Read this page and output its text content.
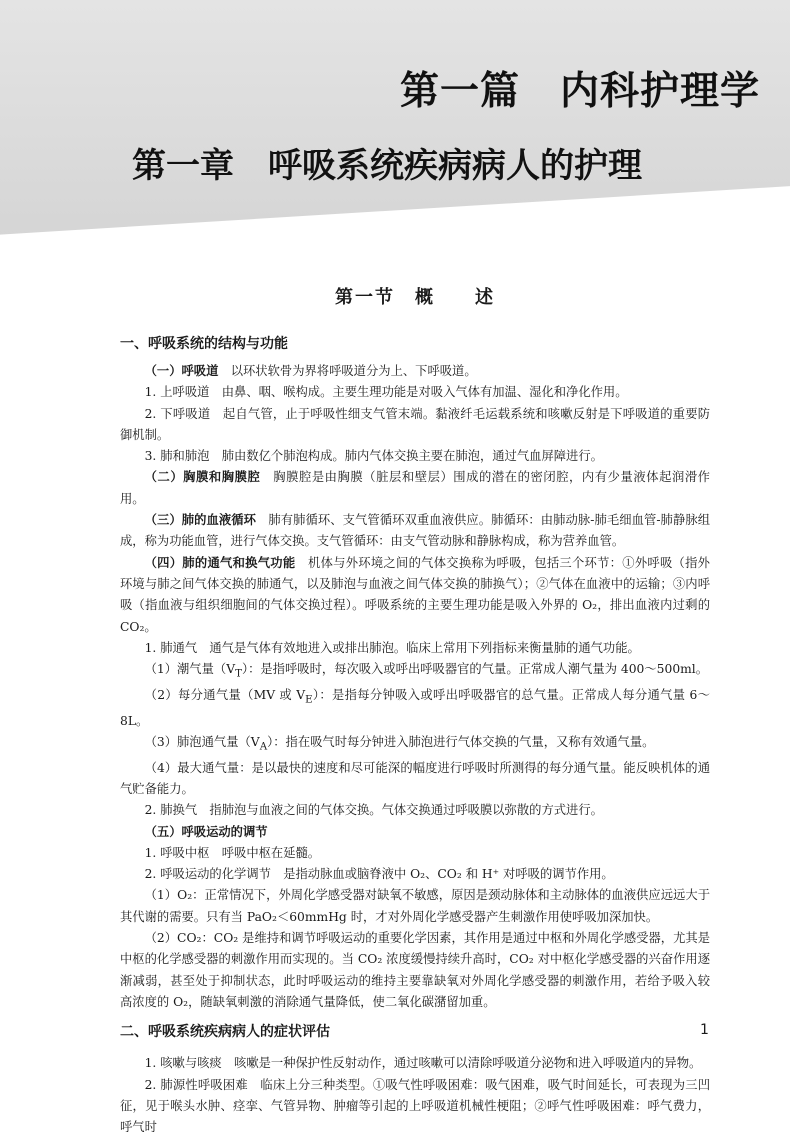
第一篇　内科护理学
第一章　呼吸系统疾病病人的护理
第一节　概　　述
一、呼吸系统的结构与功能

（一）呼吸道　 以环状软骨为界将呼吸道分为上、下呼吸道。

1. 上呼吸道　由鼻、咽、喉构成。主要生理功能是对吸入气体有加温、湿化和净化作用。

2. 下呼吸道　起自气管，止于呼吸性细支气管末端。黏液纤毛运载系统和咳嗽反射是下呼吸道的重要防御机制。

3. 肺和肺泡　肺由数亿个肺泡构成。肺内气体交换主要在肺泡，通过气血屏障进行。

（二）胸膜和胸膜腔　 胸膜腔是由胸膜（脏层和壁层）围成的潜在的密闭腔，内有少量液体起润滑作用。

（三）肺的血液循环　 肺有肺循环、支气管循环双重血液供应。肺循环：由肺动脉-肺毛细血管-肺静脉组成，称为功能血管，进行气体交换。支气管循环：由支气管动脉和静脉构成，称为营养血管。

（四）肺的通气和换气功能　 机体与外环境之间的气体交换称为呼吸，包括三个环节：①外呼吸（指外环境与肺之间气体交换的肺通气，以及肺泡与血液之间气体交换的肺换气）；②气体在血液中的运输；③内呼吸（指血液与组织细胞间的气体交换过程）。呼吸系统的主要生理功能是吸入外界的 O₂，排出血液内过剩的 CO₂。

1. 肺通气　通气是气体有效地进入或排出肺泡。临床上常用下列指标来衡量肺的通气功能。

（1）潮气量$(V_T)$：是指呼吸时，每次吸入或呼出呼吸器官的气量。正常成人潮气量为 400～500ml。

（2）每分通气量（MV 或 $V_E$）：是指每分钟吸入或呼出呼吸器官的总气量。正常成人每分通气量 6～8L。

（3）肺泡通气量$(V_A)$：指在吸气时每分钟进入肺泡进行气体交换的气量，又称有效通气量。

（4）最大通气量：是以最快的速度和尽可能深的幅度进行呼吸时所测得的每分通气量。能反映机体的通气贮备能力。

2. 肺换气　指肺泡与血液之间的气体交换。气体交换通过呼吸膜以弥散的方式进行。

（五）呼吸运动的调节

1. 呼吸中枢　呼吸中枢在延髓。

2. 呼吸运动的化学调节　是指动脉血或脑脊液中 O₂、CO₂ 和 H⁺ 对呼吸的调节作用。

（1）O₂：正常情况下，外周化学感受器对缺氧不敏感，原因是颈动脉体和主动脉体的血液供应远远大于其代谢的需要。只有当 PaO₂＜60mmHg 时，才对外周化学感受器产生刺激作用使呼吸加深加快。

（2）CO₂：CO₂ 是维持和调节呼吸运动的重要化学因素，其作用是通过中枢和外周化学感受器，尤其是中枢的化学感受器的刺激作用而实现的。当 CO₂ 浓度缓慢持续升高时，CO₂ 对中枢化学感受器的兴奋作用逐渐减弱，甚至处于抑制状态，此时呼吸运动的维持主要靠缺氧对外周化学感受器的刺激作用，若给予吸入较高浓度的 O₂，随缺氧刺激的消除通气量降低，使二氧化碳潴留加重。

二、呼吸系统疾病病人的症状评估

1. 咳嗽与咳痰　咳嗽是一种保护性反射动作，通过咳嗽可以清除呼吸道分泌物和进入呼吸道内的异物。

2. 肺源性呼吸困难　临床上分三种类型。①吸气性呼吸困难：吸气困难，吸气时间延长，可表现为三凹征，见于喉头水肿、痉挛、气管异物、肿瘤等引起的上呼吸道机械性梗阻；②呼气性呼吸困难：呼气费力，呼气时

1
